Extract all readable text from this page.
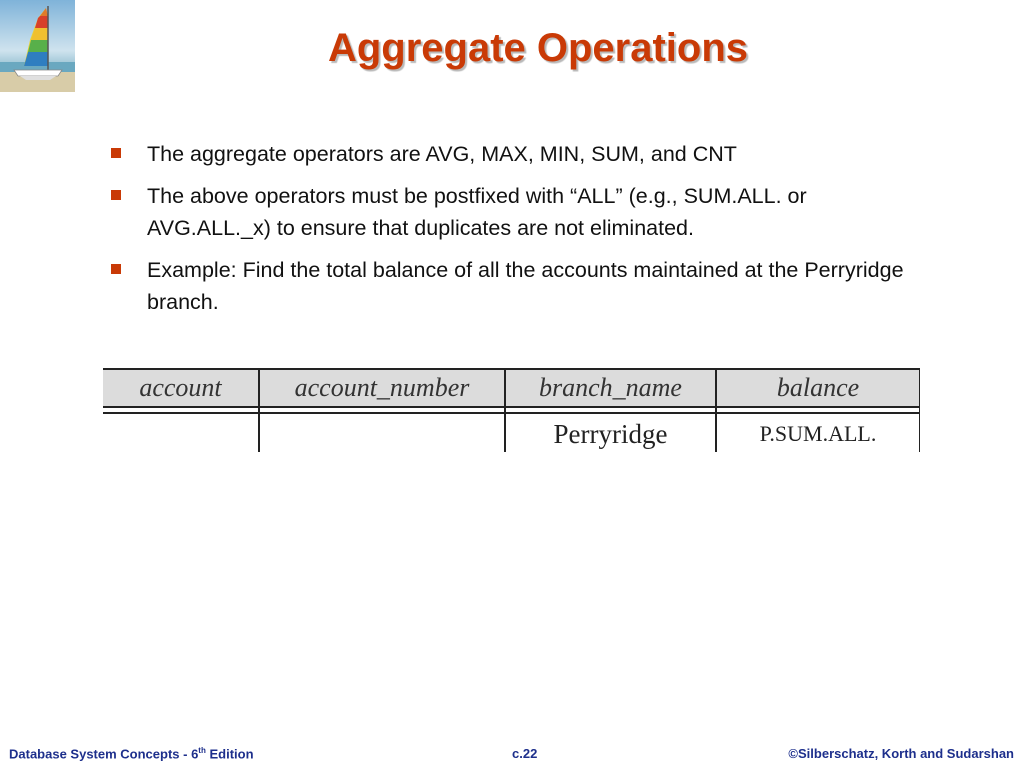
Aggregate Operations
The aggregate operators are AVG, MAX, MIN, SUM, and CNT
The above operators must be postfixed with “ALL” (e.g., SUM.ALL. or AVG.ALL._x) to ensure that duplicates are not eliminated.
Example: Find the total balance of all the accounts maintained at the Perryridge branch.
account	account_number	branch_name	balance

		Perryridge	P.SUM.ALL.
Database System Concepts - 6th Edition	c.22	©Silberschatz, Korth and Sudarshan
